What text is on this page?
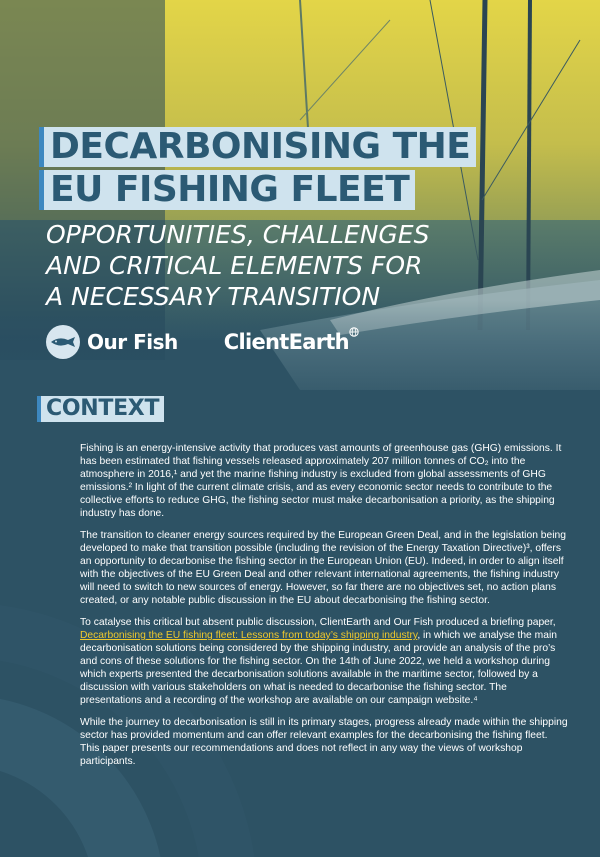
DECARBONISING THE
EU FISHING FLEET
OPPORTUNITIES, CHALLENGES
AND CRITICAL ELEMENTS FOR
A NECESSARY TRANSITION
Our Fish ClientEarth
CONTEXT

Fishing is an energy-intensive activity that produces vast amounts of greenhouse gas (GHG) emissions. It has been estimated that fishing vessels released approximately 207 million tonnes of CO₂ into the atmosphere in 2016,¹ and yet the marine fishing industry is excluded from global assessments of GHG emissions.² In light of the current climate crisis, and as every economic sector needs to contribute to the collective efforts to reduce GHG, the fishing sector must make decarbonisation a priority, as the shipping industry has done.

The transition to cleaner energy sources required by the European Green Deal, and in the legislation being developed to make that transition possible (including the revision of the Energy Taxation Directive)³, offers an opportunity to decarbonise the fishing sector in the European Union (EU). Indeed, in order to align itself with the objectives of the EU Green Deal and other relevant international agreements, the fishing industry will need to switch to new sources of energy. However, so far there are no objectives set, no action plans created, or any notable public discussion in the EU about decarbonising the fishing sector.

To catalyse this critical but absent public discussion, ClientEarth and Our Fish produced a briefing paper, Decarbonising the EU fishing fleet: Lessons from today’s shipping industry, in which we analyse the main decarbonisation solutions being considered by the shipping industry, and provide an analysis of the pro’s and cons of these solutions for the fishing sector. On the 14th of June 2022, we held a workshop during which experts presented the decarbonisation solutions available in the maritime sector, followed by a discussion with various stakeholders on what is needed to decarbonise the fishing sector. The presentations and a recording of the workshop are available on our campaign website.⁴

While the journey to decarbonisation is still in its primary stages, progress already made within the shipping sector has provided momentum and can offer relevant examples for the decarbonising the fishing fleet. This paper presents our recommendations and does not reflect in any way the views of workshop participants.
